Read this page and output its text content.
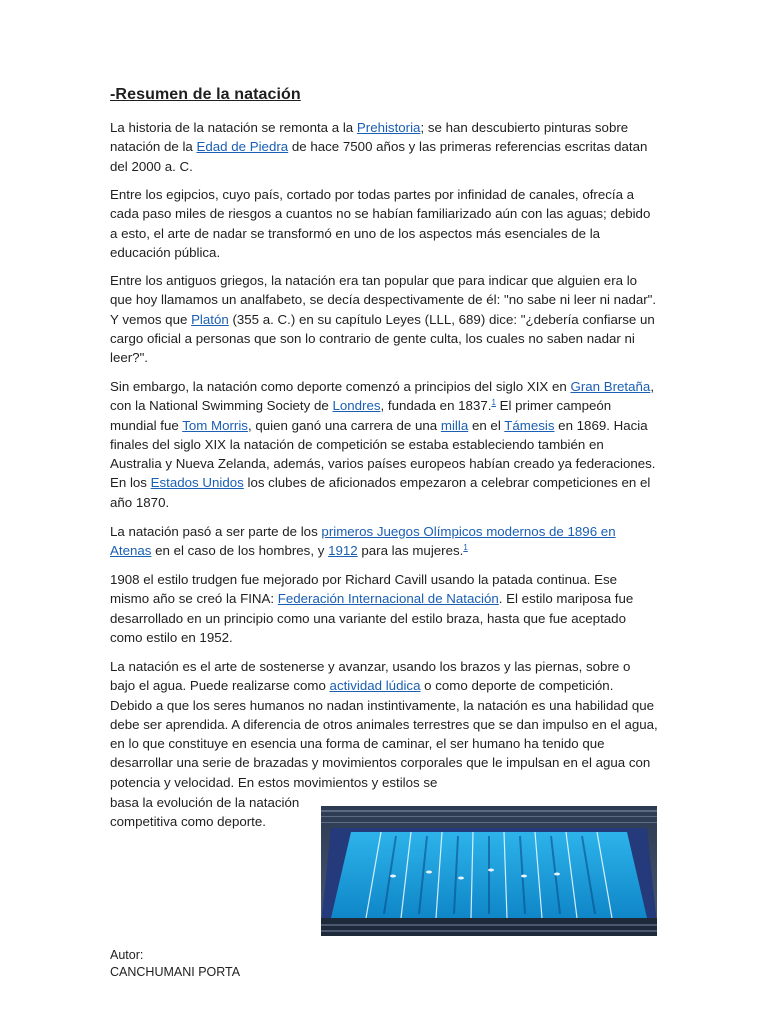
-Resumen de la natación

La historia de la natación se remonta a la Prehistoria; se han descubierto pinturas sobre natación de la Edad de Piedra de hace 7500 años y las primeras referencias escritas datan del 2000 a. C.

Entre los egipcios, cuyo país, cortado por todas partes por infinidad de canales, ofrecía a cada paso miles de riesgos a cuantos no se habían familiarizado aún con las aguas; debido a esto, el arte de nadar se transformó en uno de los aspectos más esenciales de la educación pública.

Entre los antiguos griegos, la natación era tan popular que para indicar que alguien era lo que hoy llamamos un analfabeto, se decía despectivamente de él: "no sabe ni leer ni nadar". Y vemos que Platón (355 a. C.) en su capítulo Leyes (LLL, 689) dice: "¿debería confiarse un cargo oficial a personas que son lo contrario de gente culta, los cuales no saben nadar ni leer?".

Sin embargo, la natación como deporte comenzó a principios del siglo XIX en Gran Bretaña, con la National Swimming Society de Londres, fundada en 1837.$^1$ El primer campeón mundial fue Tom Morris, quien ganó una carrera de una milla en el Támesis en 1869. Hacia finales del siglo XIX la natación de competición se estaba estableciendo también en Australia y Nueva Zelanda, además, varios países europeos habían creado ya federaciones. En los Estados Unidos los clubes de aficionados empezaron a celebrar competiciones en el año 1870.

La natación pasó a ser parte de los primeros Juegos Olímpicos modernos de 1896 en Atenas en el caso de los hombres, y 1912 para las mujeres.$^1$

1908 el estilo trudgen fue mejorado por Richard Cavill usando la patada continua. Ese mismo año se creó la FINA: Federación Internacional de Natación. El estilo mariposa fue desarrollado en un principio como una variante del estilo braza, hasta que fue aceptado como estilo en 1952.

La natación es el arte de sostenerse y avanzar, usando los brazos y las piernas, sobre o bajo el agua. Puede realizarse como actividad lúdica o como deporte de competición. Debido a que los seres humanos no nadan instintivamente, la natación es una habilidad que debe ser aprendida. A diferencia de otros animales terrestres que se dan impulso en el agua, en lo que constituye en esencia una forma de caminar, el ser humano ha tenido que desarrollar una serie de brazadas y movimientos corporales que le impulsan en el agua con potencia y velocidad. En estos movimientos y estilos se

basa la evolución de la natación competitiva como deporte.

Autor:
CANCHUMANI PORTA
